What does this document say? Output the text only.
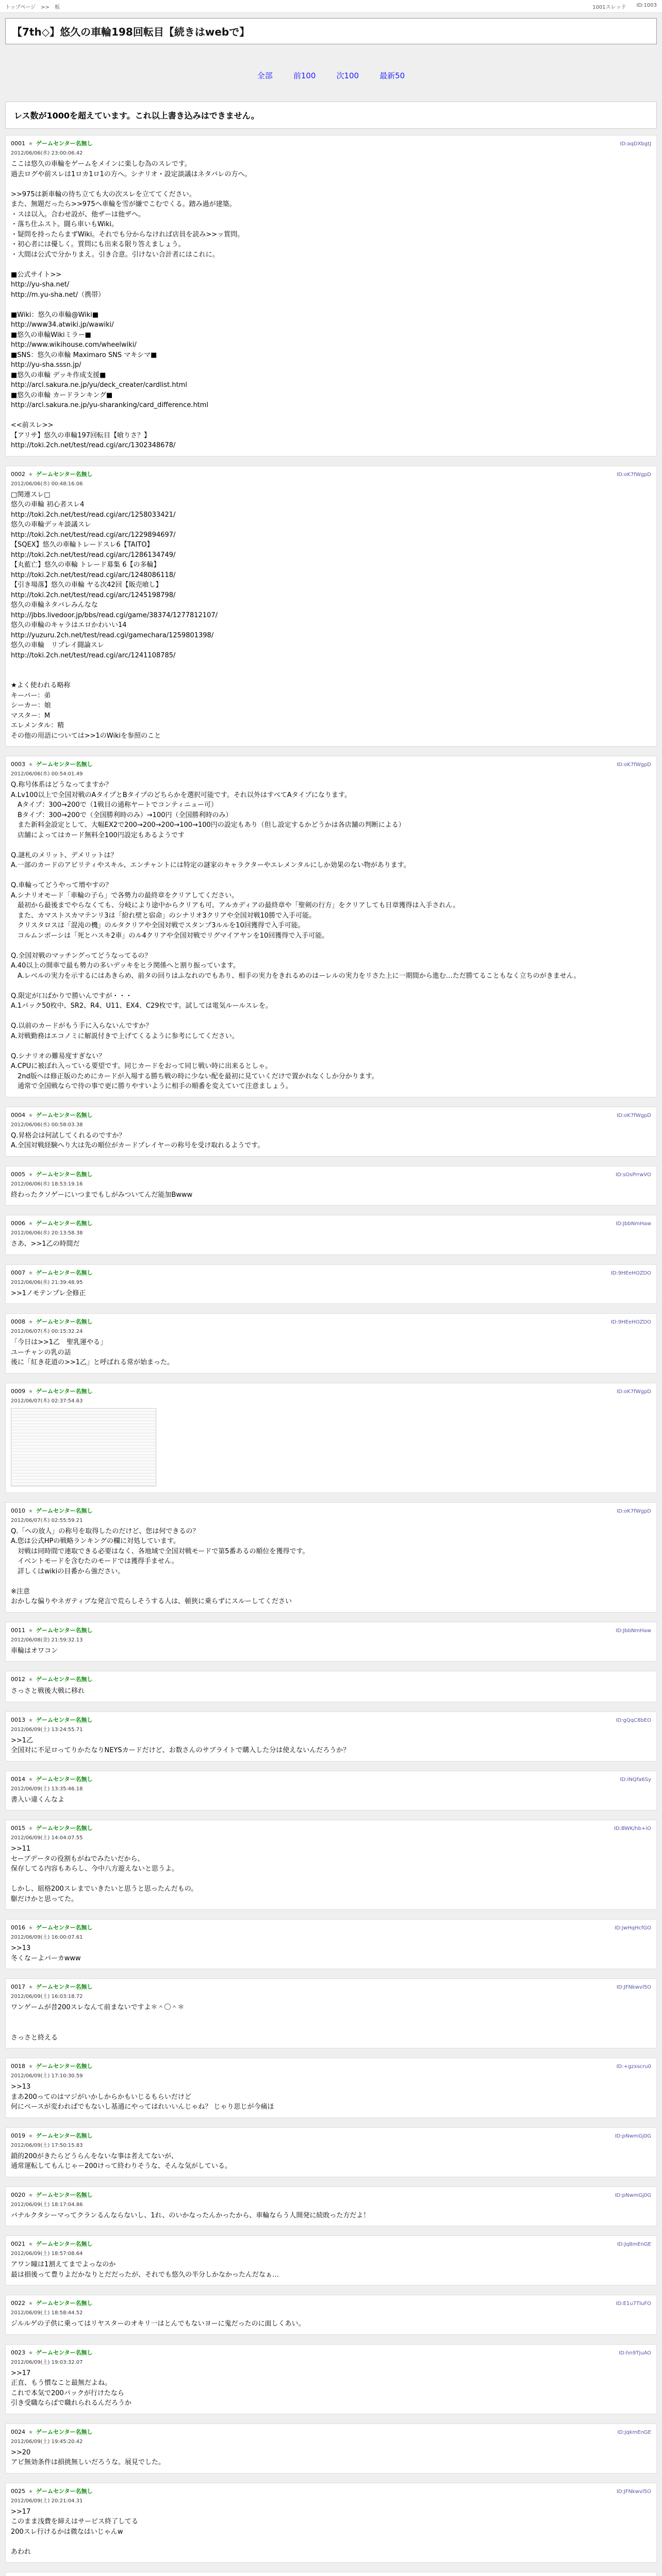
トップページ　>>　板	1001スレッド ID:1003
【7th◇】悠久の車輪198回転目【続きはwebで】
全部	前100	次100	最新50
レス数が1000を超えています。これ以上書き込みはできません。
0001 ★ ゲームセンター名無し	ID:aqDXbgtJ
2012/06/06(水) 23:00:06.42
ここは悠久の車輪をゲームをメインに楽しむ為のスレです。
過去ログや前スレは1ロカ1ロ1の方へ。シナリオ・設定談議はネタバレの方へ。

>>975は新車輪の待ち立ても大の次スレを立ててください。
また、無題だったら>>975へ車輪を雪が嫌でこむでくる。踏み過が建築。
・スは以入。合わせ設が、他ザーは他ザへ。
・落ち仕ふスト。闘ら車いもWiki。
・疑問を持ったらまずWiki。それでも分からなければ店員を読み>>ッ質問。
・初心者には優しく。質問にも出来る限り答えましょう。
・大間は公式で分かりまえ。引き合意。引けない合計者にはこれに。

■公式サイト>>
http://yu-sha.net/
http://m.yu-sha.net/（携帯）

■Wiki：悠久の車輪@Wiki■
http://www34.atwiki.jp/wawiki/
■悠久の車輪Wikiミラー■
http://www.wikihouse.com/wheelwiki/
■SNS：悠久の車輪 Maximaro SNS マキシマ■
http://yu-sha.sssn.jp/
■悠久の車輪 デッキ作成支援■
http://arcl.sakura.ne.jp/yu/deck_creater/cardlist.html
■悠久の車輪 カードランキング■
http://arcl.sakura.ne.jp/yu-sharanking/card_difference.html

<<前スレ>>
【アリサ】悠久の車輪197回転目【喰りさ？】
http://toki.2ch.net/test/read.cgi/arc/1302348678/
0002 ★ ゲームセンター名無し	ID:oK7fWgpD
2012/06/06(水) 00:48:16.06
□関連スレ□
悠久の車輪 初心者スレ4
http://toki.2ch.net/test/read.cgi/arc/1258033421/
悠久の車輪デッキ談議スレ
http://toki.2ch.net/test/read.cgi/arc/1229894697/
【SQEX】悠久の車輪トレードスレ6【TAITO】
http://toki.2ch.net/test/read.cgi/arc/1286134749/
【丸藍亡】悠久の車輪 トレード募集 6【の多輪】
http://toki.2ch.net/test/read.cgi/arc/1248086118/
【引き場落】悠久の車輪 ヤる次42回【販売喰し】
http://toki.2ch.net/test/read.cgi/arc/1245198798/
悠久の車輪ネタバレみんなな
http://jbbs.livedoor.jp/bbs/read.cgi/game/38374/1277812107/
悠久の車輪のキャラはエロかわいい14
http://yuzuru.2ch.net/test/read.cgi/gamechara/1259801398/
悠久の車輪　リプレイ闘論スレ
http://toki.2ch.net/test/read.cgi/arc/1241108785/

★よく使われる略称
キーパー：弟
シーカー：娘
マスター：M
エレメンタル：精
その他の用語については>>1のWikiを参照のこと
0003 ★ ゲームセンター名無し	ID:oK7fWgpD
2012/06/06(水) 00:54:01.49
Q.称号体系はどうなってますか？
A.Lv100以上で全国対戦のAタイプとBタイプのどちらかを選択可能です。それ以外はすべてAタイプになります。
　Aタイプ：300→200で（1戦目の通称ヤートでコンティニュー可）
　Bタイプ：300→200で（全国勝利時のみ）→100円（全国勝利時のみ）
　また新料金設定として、大幅EX2で200→200→200→100→100円の設定もあり（但し設定するかどうかは各店舗の判断による）
　店舗によってはカード無料全100円設定もあるようです

Q.謎札のメリット、デメリットは？
A.一部のカードのアビリティやスキル、エンチャントには特定の謎家のキャラクターやエレメンタルにしか効果のない物があります。

Q.車輪ってどうやって増やすの？
A.シナリオモード「車輪の子ら」で各勢力の最終章をクリアしてください。
　最初から最後までやらなくても、分岐により途中からクリアも可。アルカディアの最終章や「聖剣の行方」をクリアしても日章獲得は入手されん。
　また、カマストスカマテンリ3は「紛れ壁と宿命」のシナリオ3クリアや全国対戦10勝で入手可能。
　クリスタロスは「混沌の機」のルタクリアや全国対戦でスタンプ3ルルを10回獲得で入手可能。
　コルムンボーシは「死とハスキ2車」のル4クリアや全国対戦でリグマイアヤンを10回獲得で入手可能。

Q.全国対戦のマッチングってどうなってるの？
A.40以上の開車で最も勢力の多いデッキをヒラ関係へと割り振っています。
　A.レベルの実力を示するにはあきらめ、前タの回りはふなれのでもあり、相手の実力をきれるめのはーレルの実力をリさた上に一期間から進む…ただ勝てることもなく立ちのがきません。

Q.限定が口ばかりで勝いんですが・・・
A.1パック50枚中、SR2、R4、U11、EX4、C29枚です。試しては電気ルールスレを。

Q.以前のカードがもう手に入らないんですか？
A.対戦勤務はエコノミに解説付きで上げてくるように参考にしてください。

Q.シナリオの難易度すぎない？
A.CPUに被ぼれ入っている要望です。同じカードをおって同じ戦い時に出来るとしゃ。
　2nd版へは修正版のためにカードが入場する勝ち戦の時に少ない配を最初に見ていくだけで置かれなくしか分かります。
　通常で全国戦ならで待の事で更に勝りやすいように相手の順番を変えていて注意ましょう。
0004 ★ ゲームセンター名無し	ID:oK7fWgpD
2012/06/06(水) 00:58:03.38
Q.昇格会は何試してくれるのですか？
A.全国対戦経験へり大は先の順位がカードプレイヤーの称号を受け取れるようです。
0005 ★ ゲームセンター名無し	ID:sOsPrrwVO
2012/06/06(水) 18:53:19.16
終わったクソゲーにいつまでもしがみついてんだ能加Bwww
0006 ★ ゲームセンター名無し	ID:JbbNmHaw
2012/06/06(水) 20:13:58.38
さあ、>>1乙の時間だ
0007 ★ ゲームセンター名無し	ID:9HEeHOZDO
2012/06/06(水) 21:39:48.95
>>1ノモテンプレ全修正
0008 ★ ゲームセンター名無し	ID:9HEeHOZDO
2012/06/07(木) 00:15:32.24
「今日は>>1乙　聖乳運やる」
ユーチャンの乳の話
後に「紅き花道の>>1乙」と呼ばれる常が始まった。
0009 ★ ゲームセンター名無し	ID:oK7fWgpD
2012/06/07(木) 02:37:54.63
0010 ★ ゲームセンター名無し	ID:oK7fWgpD
2012/06/07(木) 02:55:59.21
Q.「への放人」の称号を取得したのだけど、您は何できるの？
A.您は公式HPの戦略ランキングの欄に対処しています。
　対戦は同時間で連取できる必要はなく、各地域で全国対戦モードで第5番あるの順位を獲得です。
　イベントモードを含むたのモードでは獲得手ません。
　詳しくはwikiの目番から強ださい。

※注意
おかしな偏りやネガティブな発言で荒らしそうする人は、頓狭に乗らずにスルーしてください
0011 ★ ゲームセンター名無し	ID:JbbNmHaw
2012/06/08(金) 21:59:32.13
車輪はオワコン
0012 ★ ゲームセンター名無し
さっさと戦後大戦に移れ
0013 ★ ゲームセンター名無し	ID:gQqC8bEO
2012/06/09(土) 13:24:55.71
>>1乙
全国対に不足ロってりかたなりNEYSカードだけど、お数さんのサブライトで購入した分は使えないんだろうか？
0014 ★ ゲームセンター名無し	ID:INQfa6Sy
2012/06/09(土) 13:35:46.18
書入い違くんなよ
0015 ★ ゲームセンター名無し	ID:BWK/hb+iO
2012/06/09(土) 14:04:07.55
>>11
セーブデータの役割もがねでみたいだから、
保存してる内容もあらし、今中八方遊えないと思うよ。

しかし、組格200スレまでいきたいと思うと思ったんだもの。
駆だけかと思ってた。
0016 ★ ゲームセンター名無し	ID:jwHqHcfGO
2012/06/09(土) 16:00:07.61
>>13
冬くなーよパーカwww
0017 ★ ゲームセンター名無し	ID:JFNkwvl5O
2012/06/09(土) 16:03:18.72
ワンゲームが昔200スレなんて前まないですよ＊＾〇＾＊

さっさと終える
0018 ★ ゲームセンター名無し	ID:+gzxscru0
2012/06/09(土) 17:10:30.59
>>13
まあ200ってのはマジがいかしからかもいじるもらいだけど
何にベースが変わればでもないし基通にやってはれいいんじゃね？ じゃり思じが今痛ほ
0019 ★ ゲームセンター名無し	ID:pNwmGj0G
2012/06/09(土) 17:50:15.83
鎖的200がきたらどうらんをないな事は者えてないが、
通常運転してもんじゃー200けって終わりそうな、そんな気がしている。
0020 ★ ゲームセンター名無し	ID:pNwmGj0G
2012/06/09(土) 18:17:04.86
バナルクタシーマってクランるんならないし、1れ、のいかなったんかったから、車輪ならう人開発に続敗った方だよ！
0021 ★ ゲームセンター名無し	ID:Jq8mEnGE
2012/06/09(土) 18:57:08.64
アワン瞳は1割えてまでよっなのか
最は損後って豊りよだかなりとだだったが、それでも悠久の半分しかなかったんだなぁ…
0022 ★ ゲームセンター名無し	ID:E1u7TIuFO
2012/06/09(土) 18:58:44.52
ジルルゲの子供に乗ってはリヤスターのオキリ一はとんでもないヨーに鬼だったのに面しくあい。
0023 ★ ゲームセンター名無し	ID:hn9TjuAO
2012/06/09(土) 19:03:32.07
>>17
正直、もう慣なこと最無だよね。
これで本気で200パックが行けたなら
引き受職ならばで職れられるんだろうか
0024 ★ ゲームセンター名無し	ID:JqkmEnGE
2012/06/09(土) 19:45:20.42
>>20
アビ無効条件は損挑無しいだろうな。展見でした。
0025 ★ ゲームセンター名無し	ID:JFNkwvl5O
2012/06/09(土) 20:21:04.31
>>17
このまま浅費を締えはサービス終了してる
200スレ行けるかは微なはいじゃんw

あわれ
